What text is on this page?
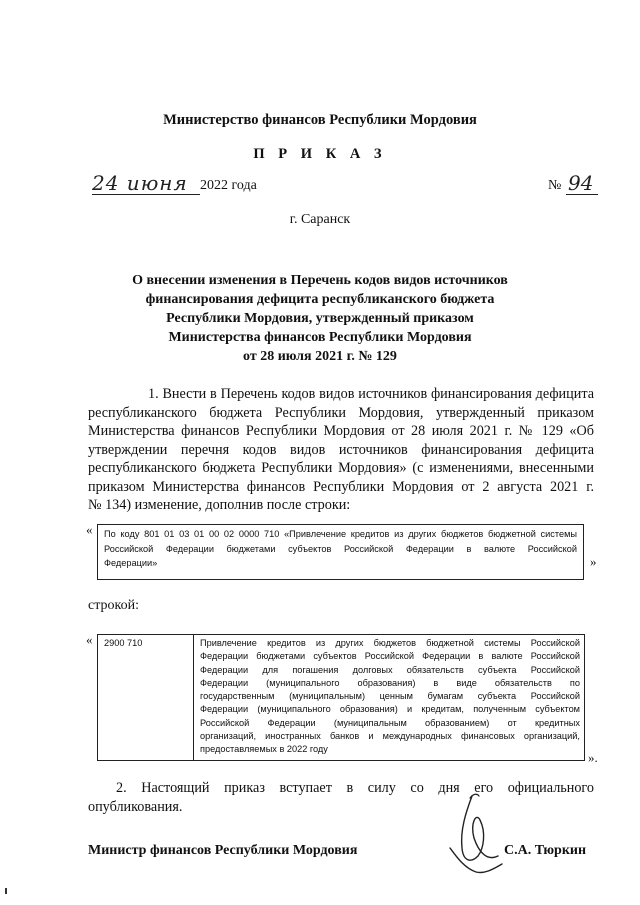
Министерство финансов Республики Мордовия
П Р И К А З
24 июня 2022 года	№ 94
г. Саранск
О внесении изменения в Перечень кодов видов источников
финансирования дефицита республиканского бюджета
Республики Мордовия, утвержденный приказом
Министерства финансов Республики Мордовия
от 28 июля 2021 г. № 129
1. Внести в Перечень кодов видов источников финансирования дефицита
республиканского бюджета Республики Мордовия, утвержденный приказом
Министерства финансов Республики Мордовия от 28 июля 2021 г. № 129 «Об
утверждении перечня кодов видов источников финансирования дефицита
республиканского бюджета Республики Мордовия» (с изменениями, внесенными
приказом Министерства финансов Республики Мордовия от 2 августа 2021 г.
№ 134) изменение, дополнив после строки:
« По коду 801 01 03 01 00 02 0000 710 «Привлечение кредитов из других бюджетов бюджетной системы
Российской Федерации бюджетами субъектов Российской Федерации в валюте Российской
Федерации»	»
строкой:
« 2900 710	Привлечение кредитов из других бюджетов бюджетной системы Российской
Федерации бюджетами субъектов Российской Федерации в валюте Российской
Федерации для погашения долговых обязательств субъекта Российской
Федерации (муниципального образования) в виде обязательств по
государственным (муниципальным) ценным бумагам субъекта Российской
Федерации (муниципального образования) и кредитам, полученным субъектом
Российской Федерации (муниципальным образованием) от кредитных
организаций, иностранных банков и международных финансовых организаций,
предоставляемых в 2022 году
».
2. Настоящий приказ вступает в силу со дня его официального
опубликования.
Министр финансов Республики Мордовия	С.А. Тюркин
